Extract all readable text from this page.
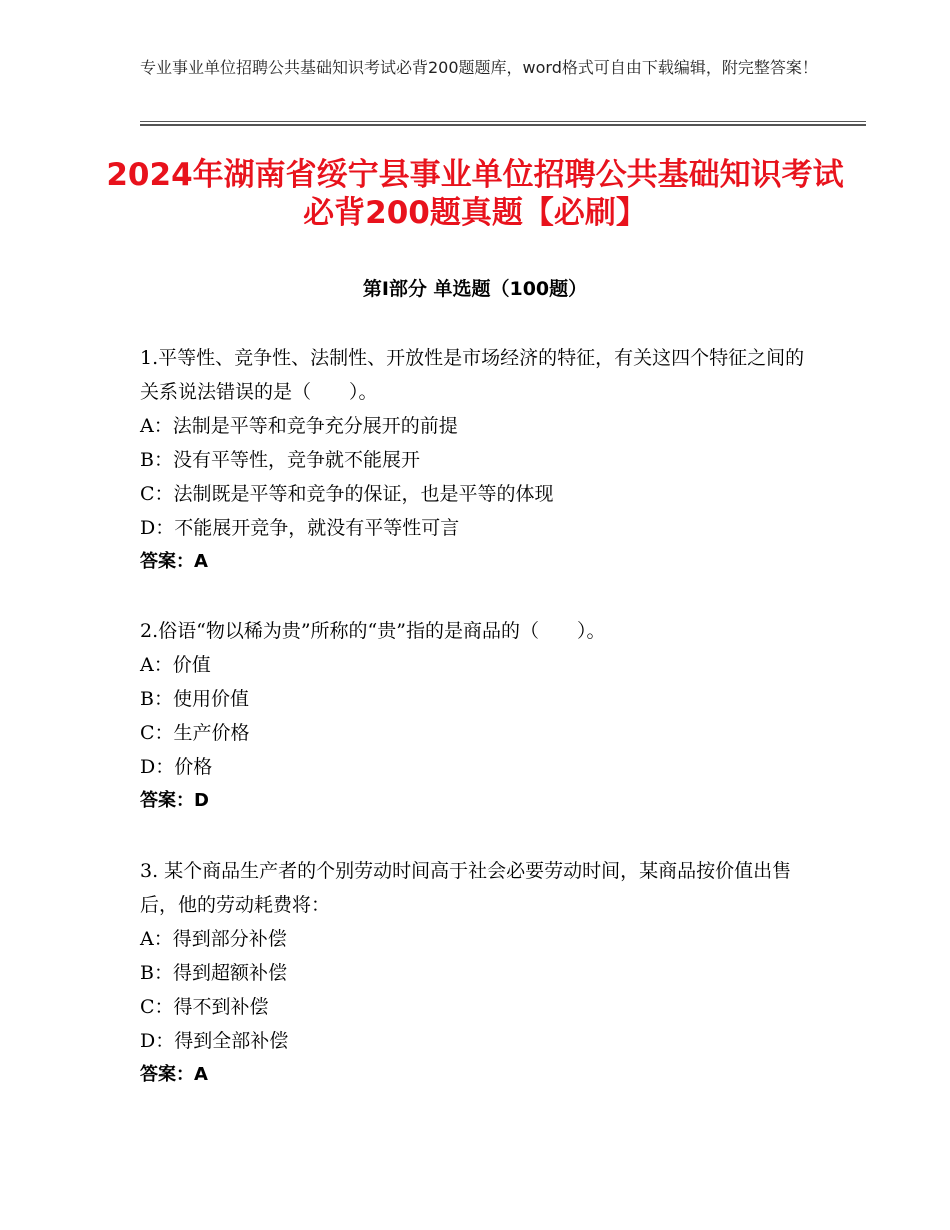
专业事业单位招聘公共基础知识考试必背200题题库，word格式可自由下载编辑，附完整答案！
2024年湖南省绥宁县事业单位招聘公共基础知识考试必背200题真题【必刷】
第Ⅰ部分 单选题（100题）

1.平等性、竞争性、法制性、开放性是市场经济的特征，有关这四个特征之间的关系说法错误的是（　　）。

A：法制是平等和竞争充分展开的前提

B：没有平等性，竞争就不能展开

C：法制既是平等和竞争的保证，也是平等的体现

D：不能展开竞争，就没有平等性可言

答案：A

2.俗语“物以稀为贵”所称的“贵”指的是商品的（　　）。

A：价值

B：使用价值

C：生产价格

D：价格

答案：D

3. 某个商品生产者的个别劳动时间高于社会必要劳动时间，某商品按价值出售后，他的劳动耗费将：

A：得到部分补偿

B：得到超额补偿

C：得不到补偿

D：得到全部补偿

答案：A
